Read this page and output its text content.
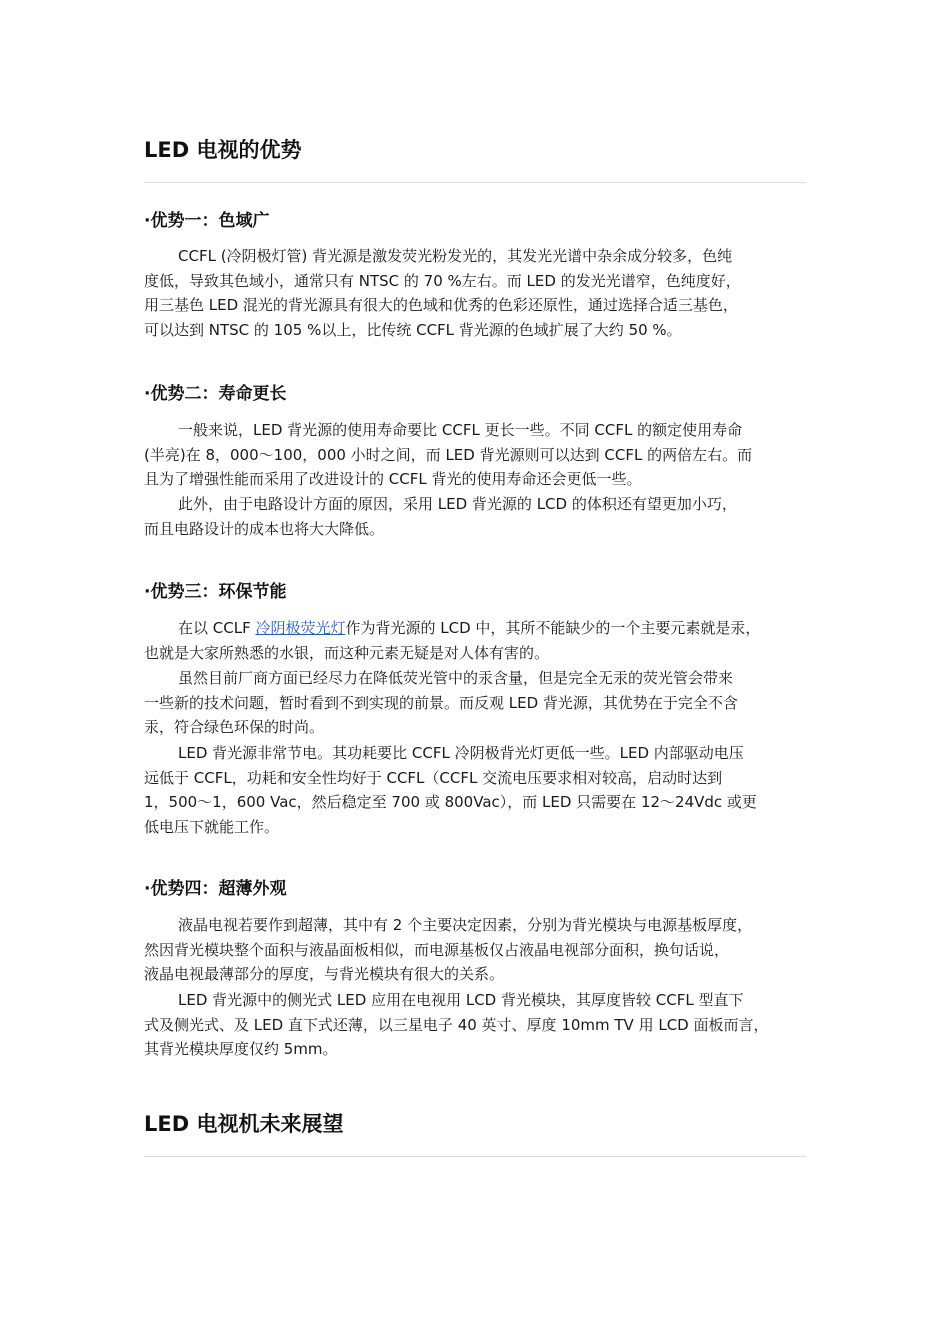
LED 电视的优势
·优势一：色域广

CCFL (冷阴极灯管) 背光源是激发荧光粉发光的，其发光光谱中杂余成分较多，色纯
度低，导致其色域小，通常只有 NTSC 的 70 %左右。而 LED 的发光光谱窄，色纯度好，
用三基色 LED 混光的背光源具有很大的色域和优秀的色彩还原性，通过选择合适三基色，
可以达到 NTSC 的 105 %以上，比传统 CCFL 背光源的色域扩展了大约 50 %。

·优势二：寿命更长

一般来说，LED 背光源的使用寿命要比 CCFL 更长一些。不同 CCFL 的额定使用寿命
(半亮)在 8，000～100，000 小时之间，而 LED 背光源则可以达到 CCFL 的两倍左右。而
且为了增强性能而采用了改进设计的 CCFL 背光的使用寿命还会更低一些。

此外，由于电路设计方面的原因，采用 LED 背光源的 LCD 的体积还有望更加小巧，
而且电路设计的成本也将大大降低。

·优势三：环保节能

在以 CCLF 冷阴极荧光灯作为背光源的 LCD 中，其所不能缺少的一个主要元素就是汞，
也就是大家所熟悉的水银，而这种元素无疑是对人体有害的。

虽然目前厂商方面已经尽力在降低荧光管中的汞含量，但是完全无汞的荧光管会带来
一些新的技术问题，暂时看到不到实现的前景。而反观 LED 背光源，其优势在于完全不含
汞，符合绿色环保的时尚。

LED 背光源非常节电。其功耗要比 CCFL 冷阴极背光灯更低一些。LED 内部驱动电压
远低于 CCFL，功耗和安全性均好于 CCFL（CCFL 交流电压要求相对较高，启动时达到
1，500～1，600 Vac，然后稳定至 700 或 800Vac），而 LED 只需要在 12～24Vdc 或更
低电压下就能工作。

·优势四：超薄外观

液晶电视若要作到超薄，其中有 2 个主要决定因素，分别为背光模块与电源基板厚度，
然因背光模块整个面积与液晶面板相似，而电源基板仅占液晶电视部分面积，换句话说，
液晶电视最薄部分的厚度，与背光模块有很大的关系。

LED 背光源中的侧光式 LED 应用在电视用 LCD 背光模块，其厚度皆较 CCFL 型直下
式及侧光式、及 LED 直下式还薄，以三星电子 40 英寸、厚度 10mm TV 用 LCD 面板而言，
其背光模块厚度仅约 5mm。

LED 电视机未来展望
